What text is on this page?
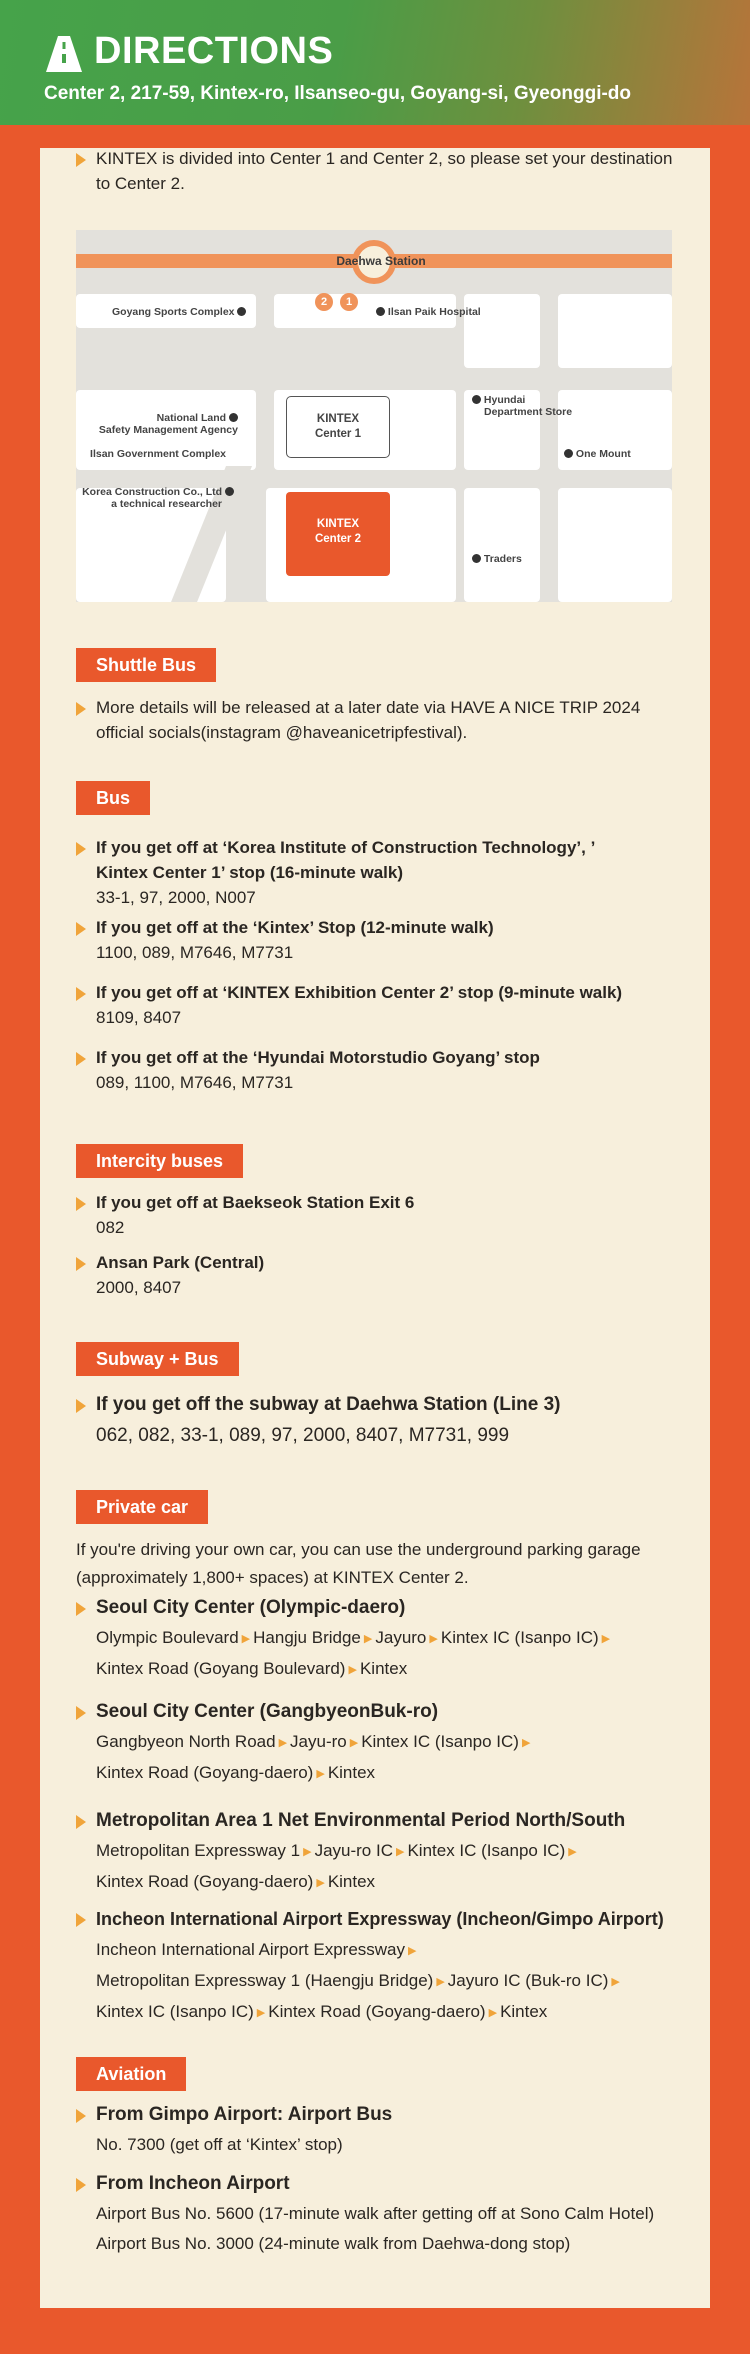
DIRECTIONS
Center 2, 217-59, Kintex-ro, Ilsanseo-gu, Goyang-si, Gyeonggi-do
KINTEX is divided into Center 1 and Center 2, so please set your destination
to Center 2.
Daehwa Station
2	1
Goyang Sports Complex	Ilsan Paik Hospital
National Land
Safety Management Agency
Ilsan Government Complex
KINTEX
Center 1
Hyundai
Department Store
One Mount
Korea Construction Co., Ltd
a technical researcher
KINTEX
Center 2
Traders
Shuttle Bus
More details will be released at a later date via HAVE A NICE TRIP 2024
official socials(instagram @haveanicetripfestival).
Bus
If you get off at ‘Korea Institute of Construction Technology’, ’
Kintex Center 1’ stop (16-minute walk)
33-1, 97, 2000, N007
If you get off at the ‘Kintex’ Stop (12-minute walk)
1100, 089, M7646, M7731
If you get off at ‘KINTEX Exhibition Center 2’ stop (9-minute walk)
8109, 8407
If you get off at the ‘Hyundai Motorstudio Goyang’ stop
089, 1100, M7646, M7731
Intercity buses
If you get off at Baekseok Station Exit 6
082
Ansan Park (Central)
2000, 8407
Subway + Bus
If you get off the subway at Daehwa Station (Line 3)
062, 082, 33-1, 089, 97, 2000, 8407, M7731, 999
Private car
If you're driving your own car, you can use the underground parking garage
(approximately 1,800+ spaces) at KINTEX Center 2.
Seoul City Center (Olympic-daero)
Olympic Boulevard ▶ Hangju Bridge ▶ Jayuro ▶ Kintex IC (Isanpo IC) ▶
Kintex Road (Goyang Boulevard) ▶ Kintex
Seoul City Center (GangbyeonBuk-ro)
Gangbyeon North Road ▶ Jayu-ro ▶ Kintex IC (Isanpo IC) ▶
Kintex Road (Goyang-daero) ▶ Kintex
Metropolitan Area 1 Net Environmental Period North/South
Metropolitan Expressway 1 ▶ Jayu-ro IC ▶ Kintex IC (Isanpo IC) ▶
Kintex Road (Goyang-daero) ▶ Kintex
Incheon International Airport Expressway (Incheon/Gimpo Airport)
Incheon International Airport Expressway ▶
Metropolitan Expressway 1 (Haengju Bridge) ▶ Jayuro IC (Buk-ro IC) ▶
Kintex IC (Isanpo IC) ▶ Kintex Road (Goyang-daero) ▶ Kintex
Aviation
From Gimpo Airport: Airport Bus
No. 7300 (get off at ‘Kintex’ stop)
From Incheon Airport
Airport Bus No. 5600 (17-minute walk after getting off at Sono Calm Hotel)
Airport Bus No. 3000 (24-minute walk from Daehwa-dong stop)
